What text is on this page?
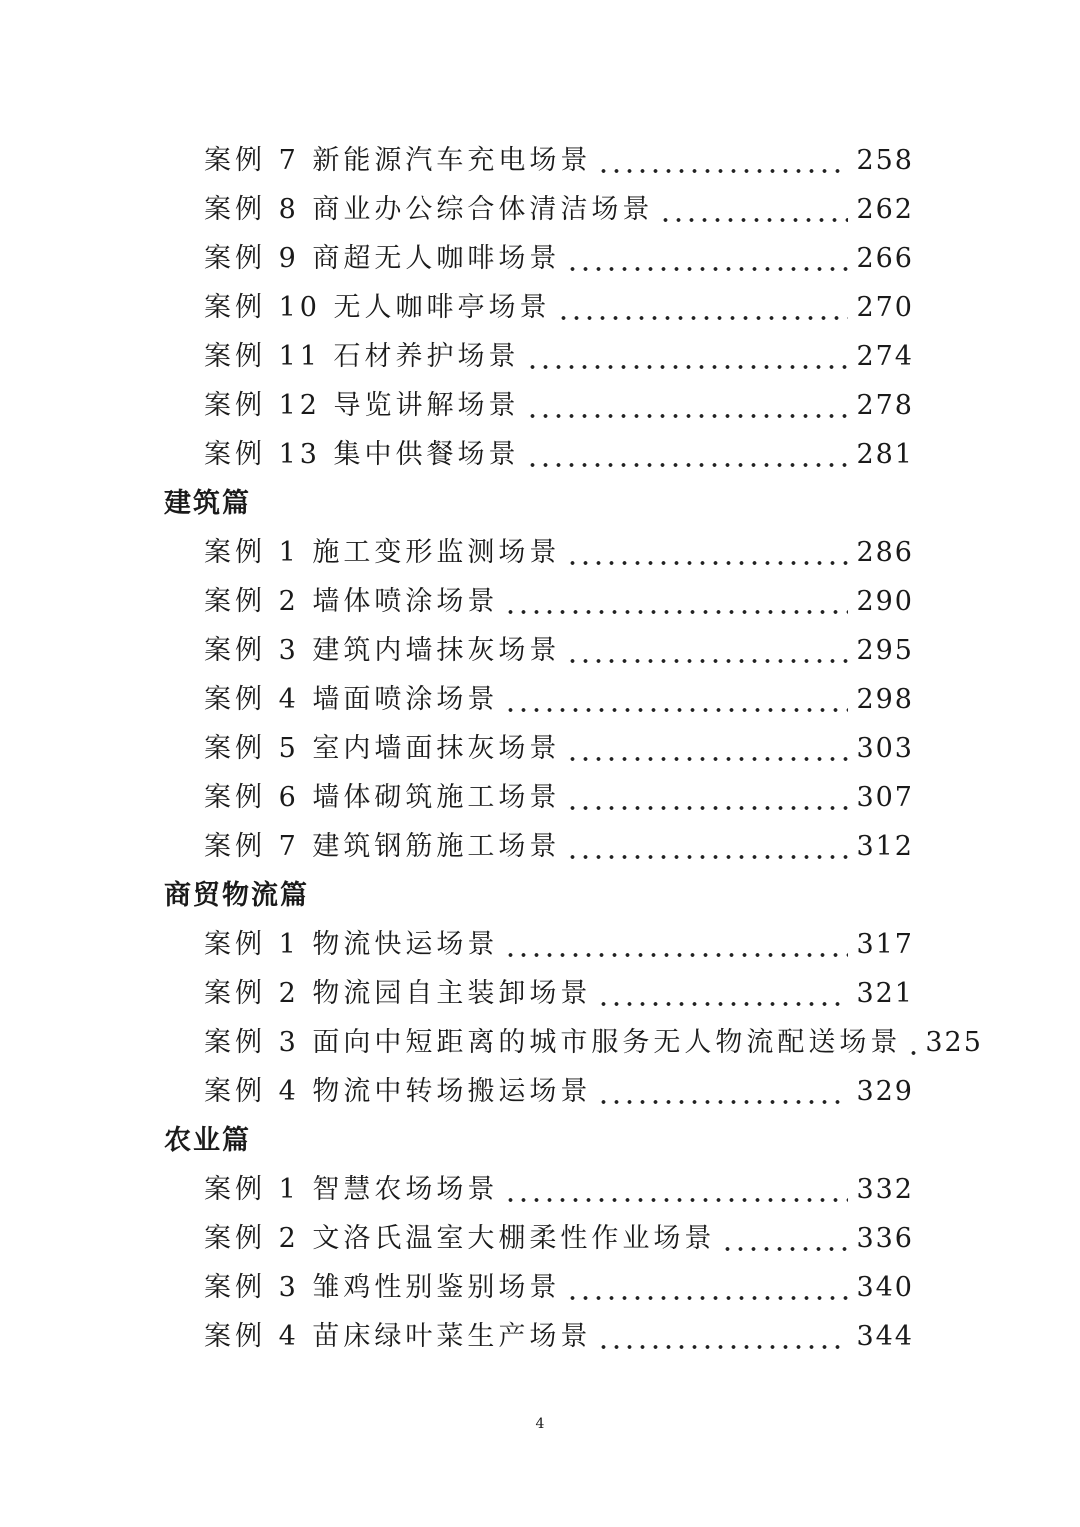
案例 7 新能源汽车充电场景	258
案例 8 商业办公综合体清洁场景	262
案例 9 商超无人咖啡场景	266
案例 10 无人咖啡亭场景	270
案例 11 石材养护场景	274
案例 12 导览讲解场景	278
案例 13 集中供餐场景	281
建筑篇
案例 1 施工变形监测场景	286
案例 2 墙体喷涂场景	290
案例 3 建筑内墙抹灰场景	295
案例 4 墙面喷涂场景	298
案例 5 室内墙面抹灰场景	303
案例 6 墙体砌筑施工场景	307
案例 7 建筑钢筋施工场景	312
商贸物流篇
案例 1 物流快运场景	317
案例 2 物流园自主装卸场景	321
案例 3 面向中短距离的城市服务无人物流配送场景 325
案例 4 物流中转场搬运场景	329
农业篇
案例 1 智慧农场场景	332
案例 2 文洛氏温室大棚柔性作业场景	336
案例 3 雏鸡性别鉴别场景	340
案例 4 苗床绿叶菜生产场景	344
4
